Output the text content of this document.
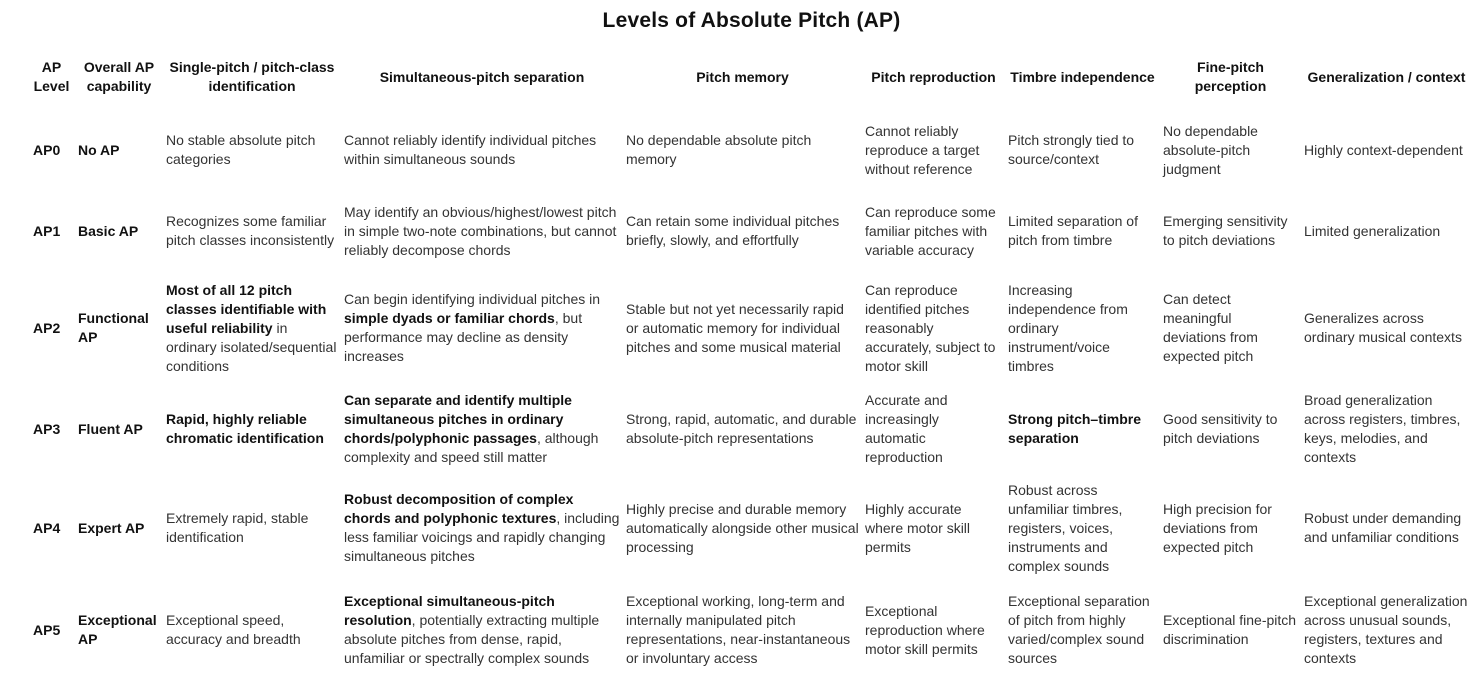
Levels of Absolute Pitch (AP)
AP Level	Overall AP capability	Single-pitch / pitch-class identification	Simultaneous-pitch separation	Pitch memory	Pitch reproduction	Timbre independence	Fine-pitch perception	Generalization / context
AP0	No AP	No stable absolute pitch categories	Cannot reliably identify individual pitches within simultaneous sounds	No dependable absolute pitch memory	Cannot reliably reproduce a target without reference	Pitch strongly tied to source/context	No dependable absolute-pitch judgment	Highly context-dependent
AP1	Basic AP	Recognizes some familiar pitch classes inconsistently	May identify an obvious/highest/lowest pitch in simple two-note combinations, but cannot reliably decompose chords	Can retain some individual pitches briefly, slowly, and effortfully	Can reproduce some familiar pitches with variable accuracy	Limited separation of pitch from timbre	Emerging sensitivity to pitch deviations	Limited generalization
AP2	Functional AP	Most of all 12 pitch classes identifiable with useful reliability in ordinary isolated/sequential conditions	Can begin identifying individual pitches in simple dyads or familiar chords, but performance may decline as density increases	Stable but not yet necessarily rapid or automatic memory for individual pitches and some musical material	Can reproduce identified pitches reasonably accurately, subject to motor skill	Increasing independence from ordinary instrument/voice timbres	Can detect meaningful deviations from expected pitch	Generalizes across ordinary musical contexts
AP3	Fluent AP	Rapid, highly reliable chromatic identification	Can separate and identify multiple simultaneous pitches in ordinary chords/polyphonic passages, although complexity and speed still matter	Strong, rapid, automatic, and durable absolute-pitch representations	Accurate and increasingly automatic reproduction	Strong pitch–timbre separation	Good sensitivity to pitch deviations	Broad generalization across registers, timbres, keys, melodies, and contexts
AP4	Expert AP	Extremely rapid, stable identification	Robust decomposition of complex chords and polyphonic textures, including less familiar voicings and rapidly changing simultaneous pitches	Highly precise and durable memory automatically alongside other musical processing	Highly accurate where motor skill permits	Robust across unfamiliar timbres, registers, voices, instruments and complex sounds	High precision for deviations from expected pitch	Robust under demanding and unfamiliar conditions
AP5	Exceptional AP	Exceptional speed, accuracy and breadth	Exceptional simultaneous-pitch resolution, potentially extracting multiple absolute pitches from dense, rapid, unfamiliar or spectrally complex sounds	Exceptional working, long-term and internally manipulated pitch representations, near-instantaneous or involuntary access	Exceptional reproduction where motor skill permits	Exceptional separation of pitch from highly varied/complex sound sources	Exceptional fine-pitch discrimination	Exceptional generalization across unusual sounds, registers, textures and contexts
